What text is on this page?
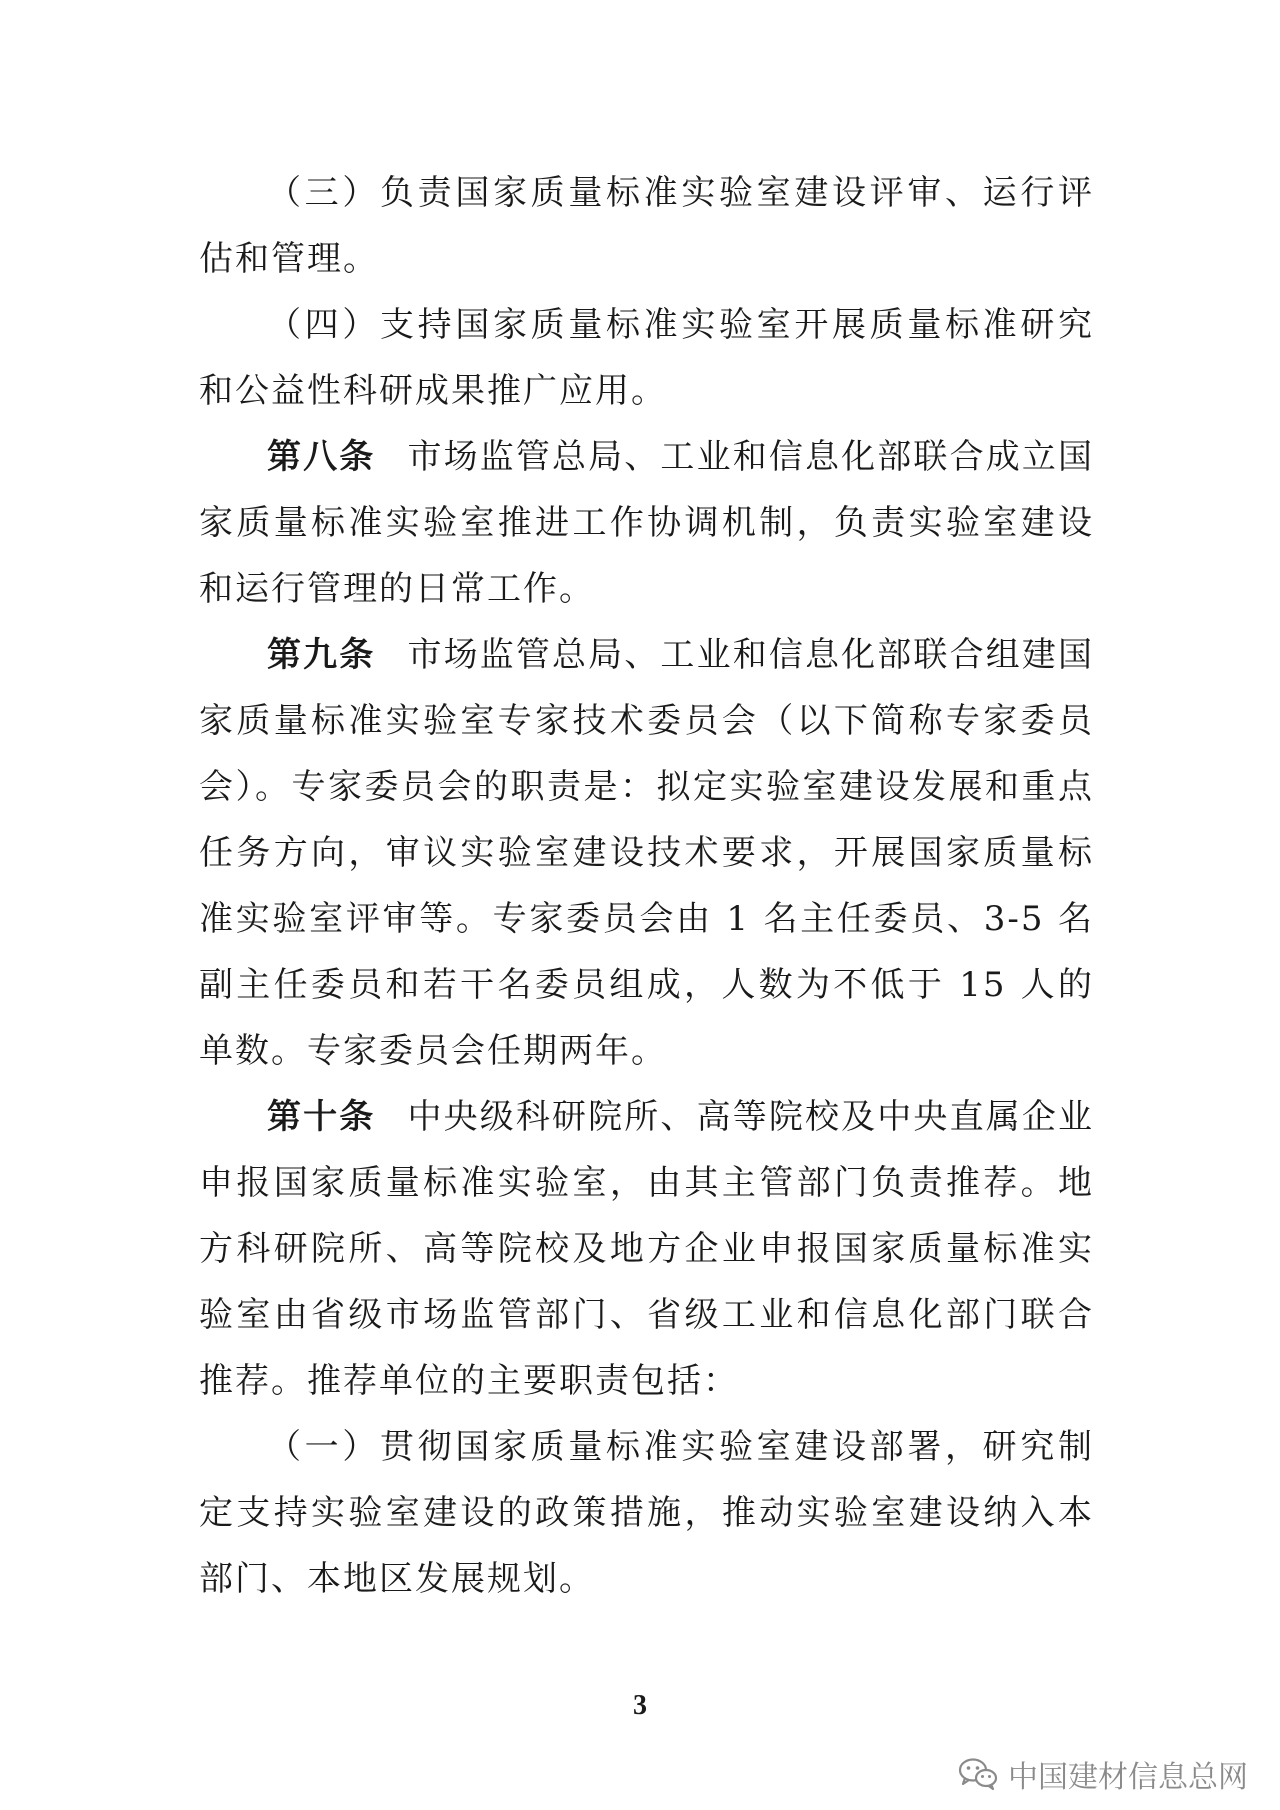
（三）负责国家质量标准实验室建设评审、运行评估和管理。

（四）支持国家质量标准实验室开展质量标准研究和公益性科研成果推广应用。

第八条 市场监管总局、工业和信息化部联合成立国家质量标准实验室推进工作协调机制，负责实验室建设和运行管理的日常工作。

第九条 市场监管总局、工业和信息化部联合组建国家质量标准实验室专家技术委员会（以下简称专家委员会）。专家委员会的职责是：拟定实验室建设发展和重点任务方向，审议实验室建设技术要求，开展国家质量标准实验室评审等。专家委员会由 1 名主任委员、3-5 名副主任委员和若干名委员组成，人数为不低于 15 人的单数。专家委员会任期两年。

第十条 中央级科研院所、高等院校及中央直属企业申报国家质量标准实验室，由其主管部门负责推荐。地方科研院所、高等院校及地方企业申报国家质量标准实验室由省级市场监管部门、省级工业和信息化部门联合推荐。推荐单位的主要职责包括：

（一）贯彻国家质量标准实验室建设部署，研究制定支持实验室建设的政策措施，推动实验室建设纳入本部门、本地区发展规划。

3
中国建材信息总网
